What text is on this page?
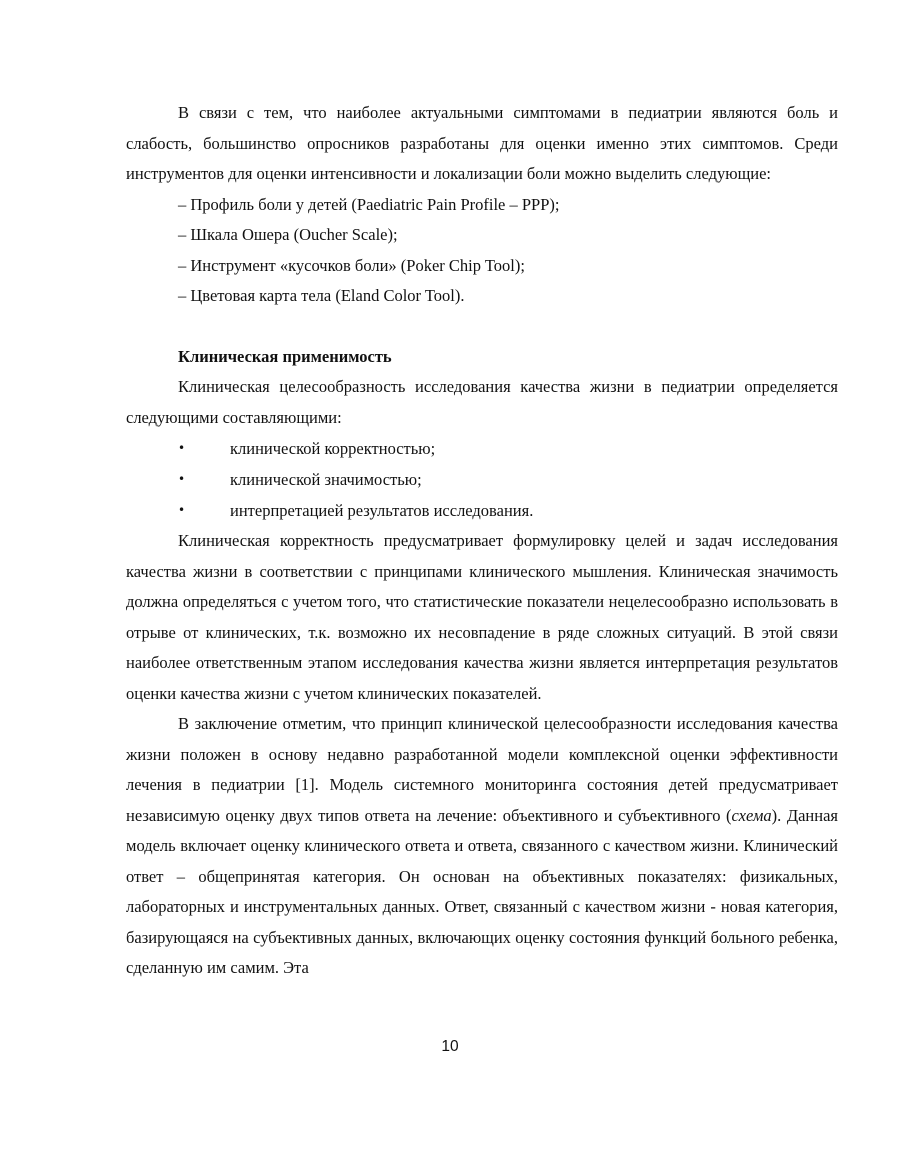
В связи с тем, что наиболее актуальными симптомами в педиатрии являются боль и слабость, большинство опросников разработаны для оценки именно этих симптомов. Среди инструментов для оценки интенсивности и локализации боли можно выделить следующие:

– Профиль боли у детей (Paediatric Pain Profile – PPP);
– Шкала Ошера (Oucher Scale);
– Инструмент «кусочков боли» (Poker Chip Tool);
– Цветовая карта тела (Eland Color Tool).

Клиническая применимость

Клиническая целесообразность исследования качества жизни в педиатрии определяется следующими составляющими:

•	клинической корректностью;
•	клинической значимостью;
•	интерпретацией результатов исследования.

Клиническая корректность предусматривает формулировку целей и задач исследования качества жизни в соответствии с принципами клинического мышления. Клиническая значимость должна определяться с учетом того, что статистические показатели нецелесообразно использовать в отрыве от клинических, т.к. возможно их несовпадение в ряде сложных ситуаций. В этой связи наиболее ответственным этапом исследования качества жизни является интерпретация результатов оценки качества жизни с учетом клинических показателей.

В заключение отметим, что принцип клинической целесообразности исследования качества жизни положен в основу недавно разработанной модели комплексной оценки эффективности лечения в педиатрии [1]. Модель системного мониторинга состояния детей предусматривает независимую оценку двух типов ответа на лечение: объективного и субъективного (схема). Данная модель включает оценку клинического ответа и ответа, связанного с качеством жизни. Клинический ответ – общепринятая категория. Он основан на объективных показателях: физикальных, лабораторных и инструментальных данных. Ответ, связанный с качеством жизни - новая категория, базирующаяся на субъективных данных, включающих оценку состояния функций больного ребенка, сделанную им самим. Эта

10
